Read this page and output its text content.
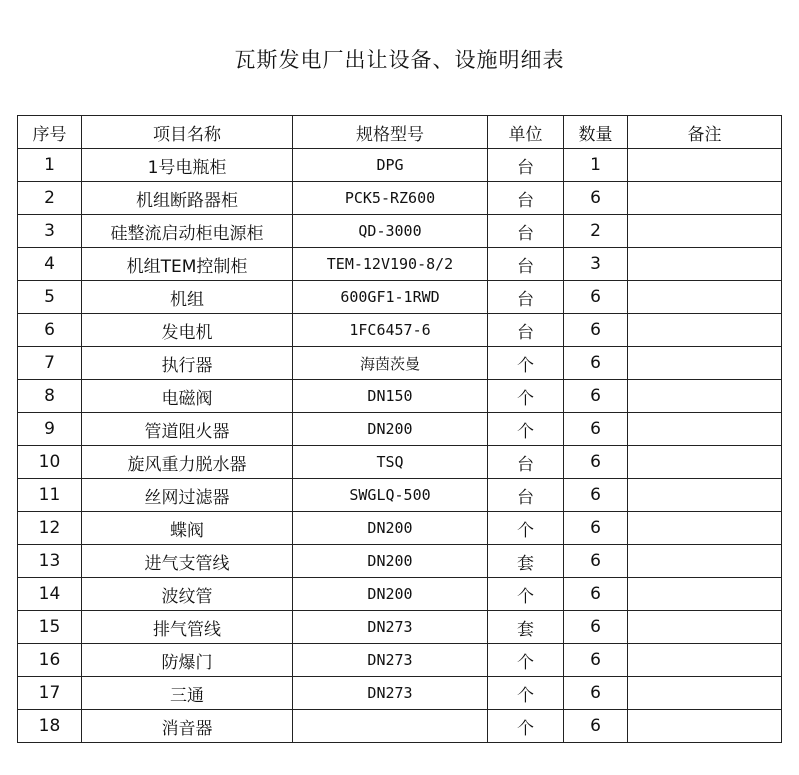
瓦斯发电厂出让设备、设施明细表
序号	项目名称	规格型号	单位	数量	备注
1	1号电瓶柜	DPG	台	1	
2	机组断路器柜	PCK5-RZ600	台	6	
3	硅整流启动柜电源柜	QD-3000	台	2	
4	机组TEM控制柜	TEM-12V190-8/2	台	3	
5	机组	600GF1-1RWD	台	6	
6	发电机	1FC6457-6	台	6	
7	执行器	海茵茨曼	个	6	
8	电磁阀	DN150	个	6	
9	管道阻火器	DN200	个	6	
10	旋风重力脱水器	TSQ	台	6	
11	丝网过滤器	SWGLQ-500	台	6	
12	蝶阀	DN200	个	6	
13	进气支管线	DN200	套	6	
14	波纹管	DN200	个	6	
15	排气管线	DN273	套	6	
16	防爆门	DN273	个	6	
17	三通	DN273	个	6	
18	消音器		个	6	
